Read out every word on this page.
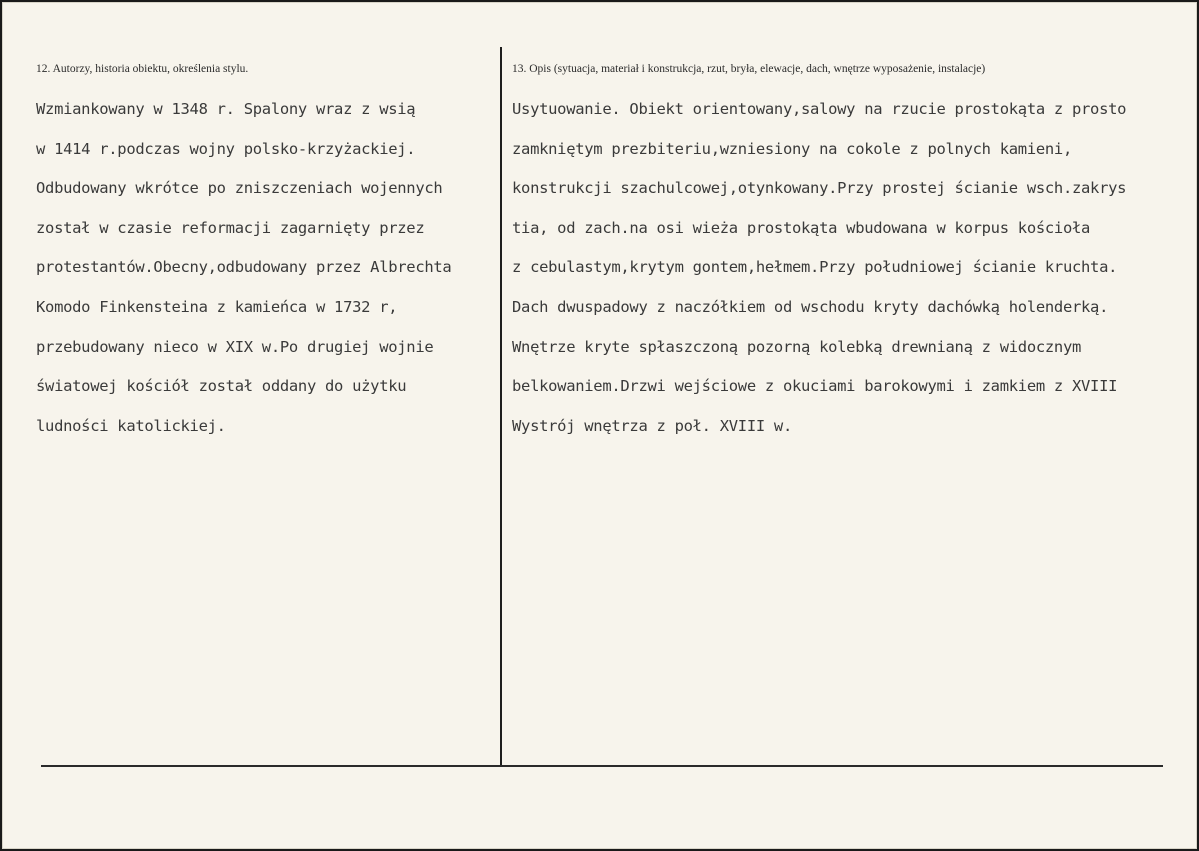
12. Autorzy, historia obiektu, określenia stylu.
Wzmiankowany w 1348 r. Spalony wraz z wsią
w 1414 r.podczas wojny polsko-krzyżackiej.
Odbudowany wkrótce po zniszczeniach wojennych
został w czasie reformacji zagarnięty przez
protestantów.Obecny,odbudowany przez Albrechta
Komodo Finkensteina z kamieńca w 1732 r,
przebudowany nieco w XIX w.Po drugiej wojnie
światowej kościół został oddany do użytku
ludności katolickiej.
13. Opis (sytuacja, materiał i konstrukcja, rzut, bryła, elewacje, dach, wnętrze wyposażenie, instalacje)
Usytuowanie. Obiekt orientowany,salowy na rzucie prostokąta z prosto
zamkniętym prezbiteriu,wzniesiony na cokole z polnych kamieni,
konstrukcji szachulcowej,otynkowany.Przy prostej ścianie wsch.zakrys
tia, od zach.na osi wieża prostokąta wbudowana w korpus kościoła
z cebulastym,krytym gontem,hełmem.Przy południowej ścianie kruchta.
Dach dwuspadowy z naczółkiem od wschodu kryty dachówką holenderką.
Wnętrze kryte spłaszczoną pozorną kolebką drewnianą z widocznym
belkowaniem.Drzwi wejściowe z okuciami barokowymi i zamkiem z XVIII
Wystrój wnętrza z poł. XVIII w.
